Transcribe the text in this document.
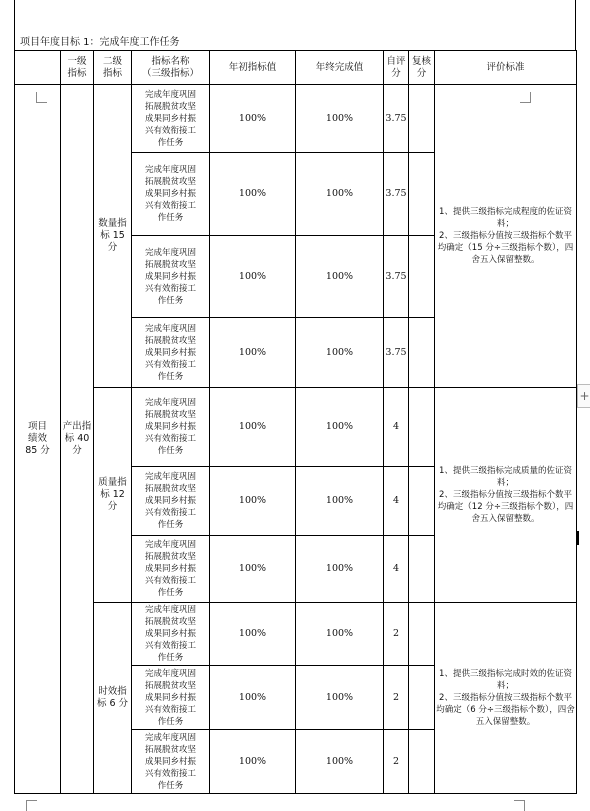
项目年度目标 1：完成年度工作任务
	一级
指标	二级
指标	指标名称
（三级指标）	年初指标值	年终完成值	自评
分	复核
分	评价标准
项目
绩效
85 分	产出指
标 40
分	数量指
标 15 分	完成年度巩固
拓展脱贫攻坚
成果同乡村振
兴有效衔接工
作任务	100%	100%	3.75		1、提供三级指标完成程度的佐证资料；
2、三级指标分值按三级指标个数平均确定（15 分÷三级指标个数），四舍五入保留整数。
			完成年度巩固
拓展脱贫攻坚
成果同乡村振
兴有效衔接工
作任务	100%	100%	3.75		
			完成年度巩固
拓展脱贫攻坚
成果同乡村振
兴有效衔接工
作任务	100%	100%	3.75		
			完成年度巩固
拓展脱贫攻坚
成果同乡村振
兴有效衔接工
作任务	100%	100%	3.75		
		质量指
标 12 分	完成年度巩固
拓展脱贫攻坚
成果同乡村振
兴有效衔接工
作任务	100%	100%	4		1、提供三级指标完成质量的佐证资料；
2、三级指标分值按三级指标个数平均确定（12 分÷三级指标个数），四舍五入保留整数。
			完成年度巩固
拓展脱贫攻坚
成果同乡村振
兴有效衔接工
作任务	100%	100%	4		
			完成年度巩固
拓展脱贫攻坚
成果同乡村振
兴有效衔接工
作任务	100%	100%	4		
		时效指
标 6 分	完成年度巩固
拓展脱贫攻坚
成果同乡村振
兴有效衔接工
作任务	100%	100%	2		1、提供三级指标完成时效的佐证资料；
2、三级指标分值按三级指标个数平均确定（6 分÷三级指标个数），四舍五入保留整数。
			完成年度巩固
拓展脱贫攻坚
成果同乡村振
兴有效衔接工
作任务	100%	100%	2		
			完成年度巩固
拓展脱贫攻坚
成果同乡村振
兴有效衔接工
作任务	100%	100%	2		
+
